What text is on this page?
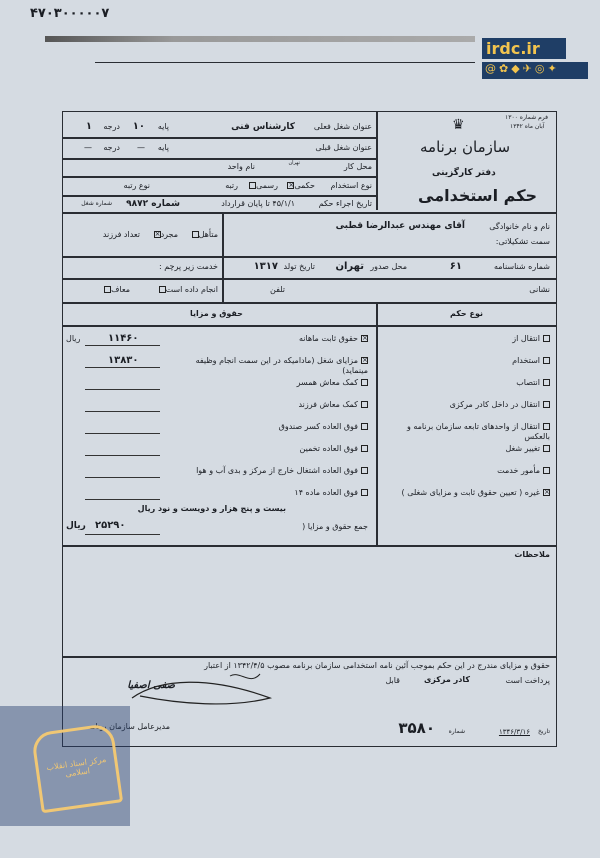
۴۷۰۳۰۰۰۰۰۷
irdc.ir
@✿◆✈◎✦
فرم شماره ۱۳۰۰
آبان ماه ۱۳۴۲
♛
سازمان برنامه
دفتر کارگزینی
حکم استخدامی
عنوان شغل فعلی
کارشناس فنی
پایه
۱۰
درجه
۱
عنوان شغل قبلی
پایه
—
درجه
—
محل کار
تهران
نام واحد
نوع استخدام
حکمی×
رسمی
رتبه
نوع رتبه
تاریخ اجراء حکم
۴۵/۱/۱ تا پایان قرارداد
شماره ۹۸۷۲
شماره شغل
نام و نام خانوادگی
آقای مهندس عبدالرضا قطبی
سمت تشکیلاتی:
شماره شناسنامه
۶۱
محل صدور
تهران
تاریخ تولد
۱۳۱۷
نشانی
تلفن
متأهل
مجرد×
تعداد فرزند
خدمت زیر پرچم :
انجام داده است
معاف
حقوق و مزایا	نوع حکم
×حقوق ثابت ماهانه
۱۱۴۶۰
ریال
×مزایای شغل (مادامیکه در این سمت انجام وظیفه مینماید)
۱۳۸۳۰
کمک معاش همسر
کمک معاش فرزند
فوق العاده کسر صندوق
فوق العاده تخمین
فوق العاده اشتغال خارج از مرکز و بدی آب و هوا
فوق العاده ماده ۱۴
انتقال از
استخدام
انتصاب
انتقال در داخل کادر مرکزی
انتقال از واحدهای تابعه سازمان برنامه و بالعکس
تغییر شغل
مأمور خدمت
×غیره ( تعیین حقوق ثابت و مزایای شغلی )
بیست و پنج هزار و دویست و نود ریال
جمع حقوق و مزایا (
۲۵۲۹۰
ریال
ملاحظات
حقوق و مزایای مندرج در این حکم بموجب آئین نامه استخدامی سازمان برنامه مصوب ۱۳۴۲/۴/۵ از اعتبار
پرداخت است
کادر مرکزی
قابل
صفی اصفیا
مدیرعامل سازمان برنامه
تاریخ
۱۳۴۶/۳/۱۶
شماره
۳۵۸۰
مرکز اسناد انقلاب اسلامی
